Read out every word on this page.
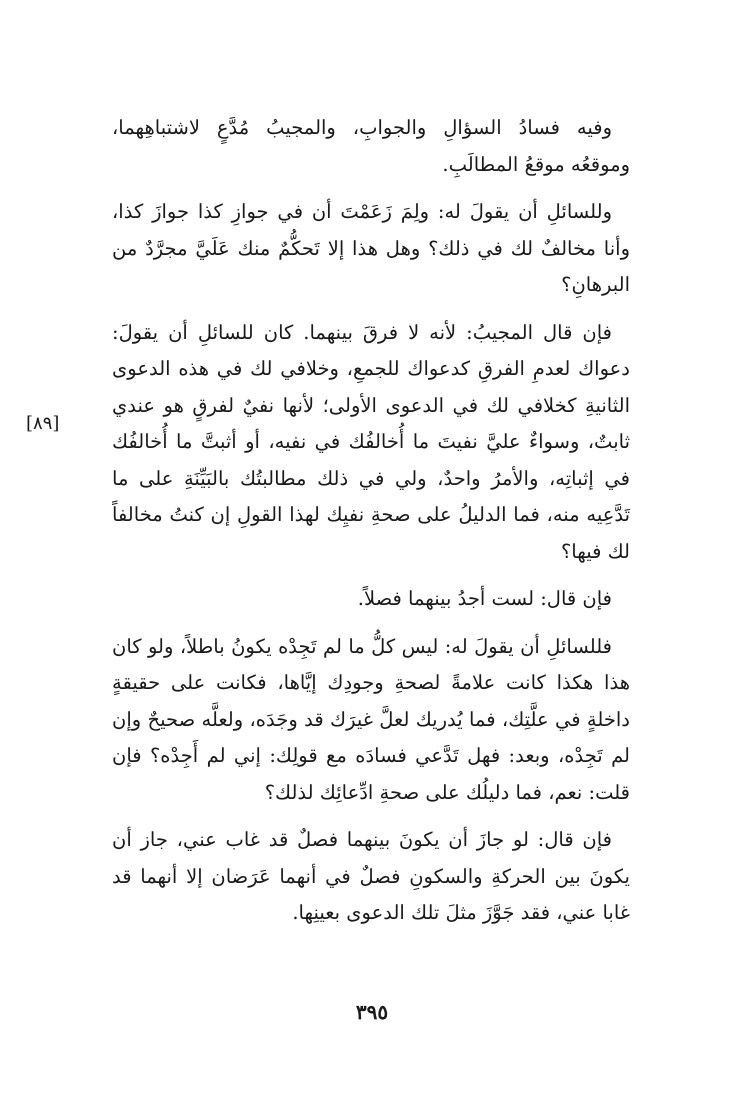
وفيه فسادُ السؤالِ والجوابِ، والمجيبُ مُدَّعٍ لاشتباهِهما، وموقعُه موقعُ المطالَبِ.

وللسائلِ أن يقولَ له: ولِمَ زَعَمْتَ أن في جوازِ كذا جوازَ كذا، وأنا مخالفٌ لك في ذلك؟ وهل هذا إلا تَحكُّمٌ منك عَلَيَّ مجرَّدٌ من البرهانِ؟

فإن قال المجيبُ: لأنه لا فرقَ بينهما. كان للسائلِ أن يقولَ: دعواك لعدمِ الفرقِ كدعواك للجمعِ، وخلافي لك في هذه الدعوى الثانيةِ كخلافي لك في الدعوى الأولى؛ لأنها نفيٌ لفرقٍ هو عندي ثابتٌ، وسواءٌ عليَّ نفيتَ ما أُخالفُك في نفيه، أو أثبتَّ ما أُخالفُك في إثباتِه، والأمرُ واحدٌ، ولي في ذلك مطالبتُك بالبَيِّنَةِ على ما تَدَّعِيه منه، فما الدليلُ على صحةِ نفيِك لهذا القولِ إن كنتُ مخالفاً لك فيها؟

فإن قال: لست أجدُ بينهما فصلاً.

فللسائلِ أن يقولَ له: ليس كلُّ ما لم تَجِدْه يكونُ باطلاً، ولو كان هذا هكذا كانت علامةً لصحةِ وجودِك إيَّاها، فكانت على حقيقةٍ داخلةٍ في علَّتِك، فما يُدريك لعلَّ غيرَك قد وجَدَه، ولعلَّه صحيحٌ وإن لم تَجِدْه، وبعد: فهل تَدَّعي فسادَه مع قولِك: إني لم أَجِدْه؟ فإن قلت: نعم، فما دليلُك على صحةِ ادِّعائِك لذلك؟

فإن قال: لو جازَ أن يكونَ بينهما فصلٌ قد غاب عني، جاز أن يكونَ بين الحركةِ والسكونِ فصلٌ في أنهما عَرَضان إلا أنهما قد غابا عني، فقد جَوَّزَ مثلَ تلك الدعوى بعينِها.

[٨٩]
٣٩٥
